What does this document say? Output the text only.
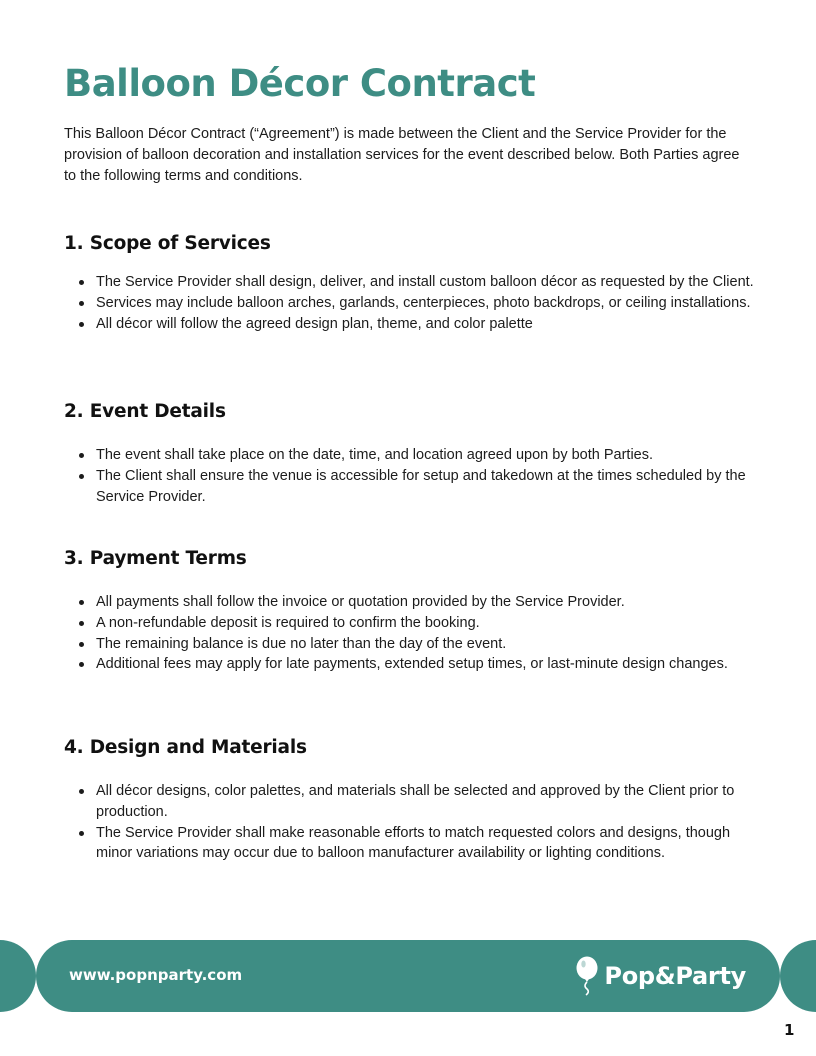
Balloon Décor Contract

This Balloon Décor Contract (“Agreement”) is made between the Client and the Service Provider for the provision of balloon decoration and installation services for the event described below. Both Parties agree to the following terms and conditions.

1. Scope of Services
The Service Provider shall design, deliver, and install custom balloon décor as requested by the Client.
Services may include balloon arches, garlands, centerpieces, photo backdrops, or ceiling installations.
All décor will follow the agreed design plan, theme, and color palette
2. Event Details
The event shall take place on the date, time, and location agreed upon by both Parties.
The Client shall ensure the venue is accessible for setup and takedown at the times scheduled by the Service Provider.
3. Payment Terms
All payments shall follow the invoice or quotation provided by the Service Provider.
A non-refundable deposit is required to confirm the booking.
The remaining balance is due no later than the day of the event.
Additional fees may apply for late payments, extended setup times, or last-minute design changes.
4. Design and Materials
All décor designs, color palettes, and materials shall be selected and approved by the Client prior to production.
The Service Provider shall make reasonable efforts to match requested colors and designs, though minor variations may occur due to balloon manufacturer availability or lighting conditions.
www.popnparty.com	Pop&Party
1
